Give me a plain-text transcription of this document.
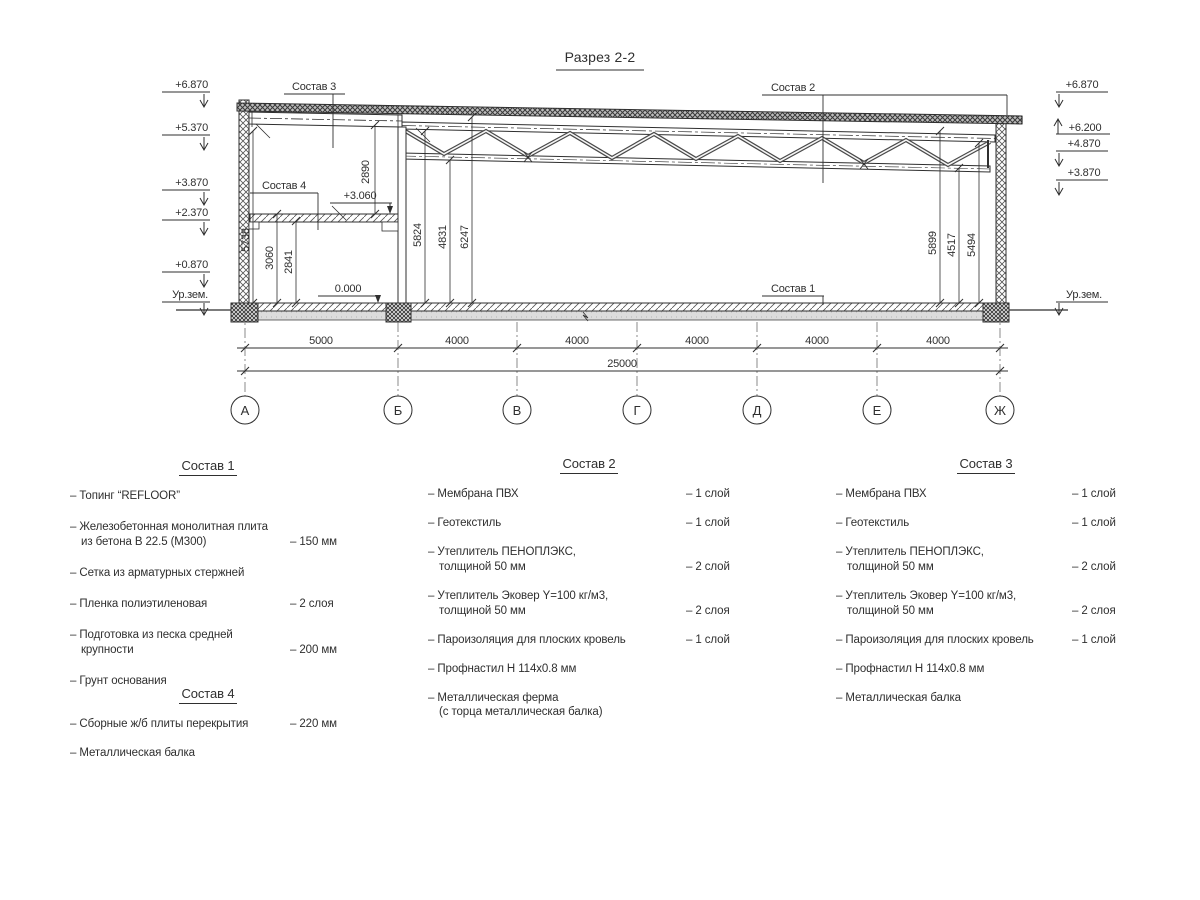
Разрез 2-2
+6.870
+5.370
+3.870
+2.370
+0.870
Ур.зем.
+6.870
+6.200
+4.870
+3.870
Ур.зем.
+3.060
0.000
Состав 3	Состав 2
Состав 4
Состав 1
5738
3060 2841
2890
5824 4831 6247	5899 4517 5494
5000	4000	4000	4000	4000	4000
25000
А	Б	В	Г	Д	Е	Ж
Состав 1
– Топинг “REFLOOR”
– Железобетонная монолитная плита
из бетона В 22.5 (М300)	– 150 мм
– Сетка из арматурных стержней
– Пленка полиэтиленовая	– 2 слоя
– Подготовка из песка средней
крупности	– 200 мм
– Грунт основания
Состав 2
– Мембрана ПВХ	– 1 слой
– Геотекстиль	– 1 слой
– Утеплитель ПЕНОПЛЭКС,
толщиной 50 мм	– 2 слой
– Утеплитель Эковер Y=100 кг/м3,
толщиной 50 мм	– 2 слоя
– Пароизоляция для плоских кровель	– 1 слой
– Профнастил Н 114х0.8 мм
– Металлическая ферма
(с торца металлическая балка)
Состав 3
– Мембрана ПВХ	– 1 слой
– Геотекстиль	– 1 слой
– Утеплитель ПЕНОПЛЭКС,
толщиной 50 мм	– 2 слой
– Утеплитель Эковер Y=100 кг/м3,
толщиной 50 мм	– 2 слоя
– Пароизоляция для плоских кровель	– 1 слой
– Профнастил Н 114х0.8 мм
– Металлическая балка
Состав 4
– Сборные ж/б плиты перекрытия	– 220 мм
– Металлическая балка
